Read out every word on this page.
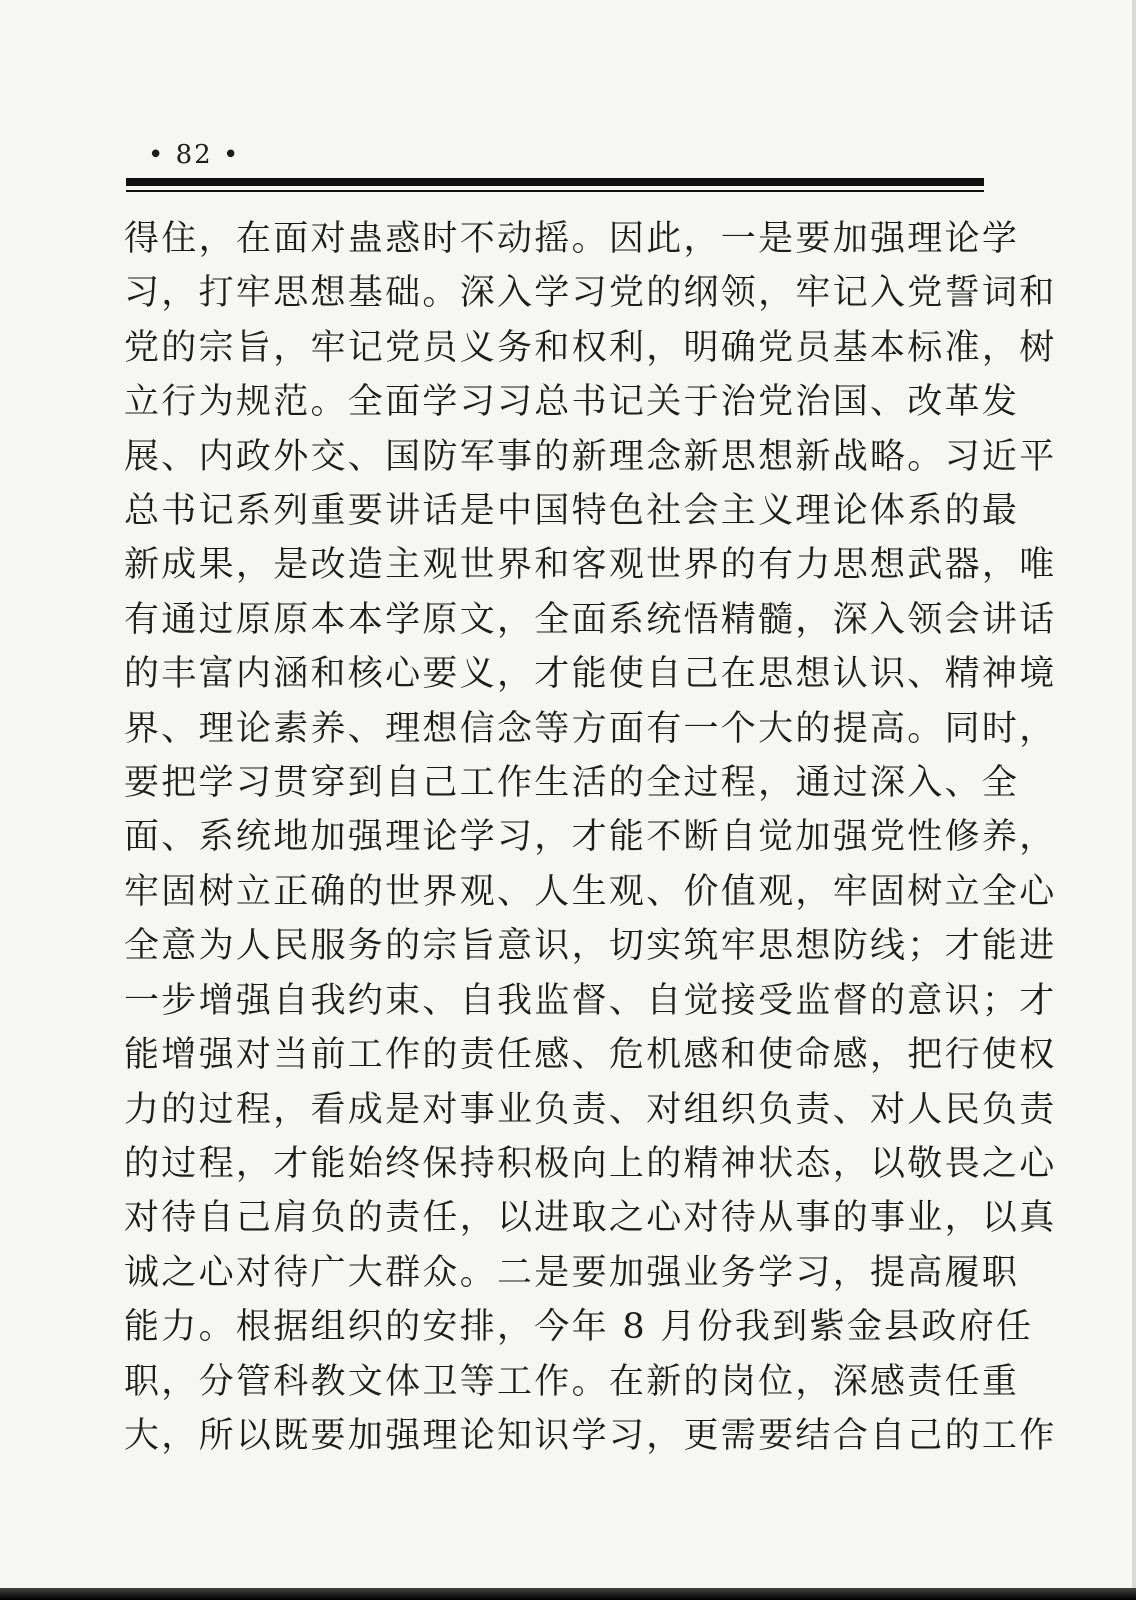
• 82 •
得住，在面对蛊惑时不动摇。因此，一是要加强理论学
习，打牢思想基础。深入学习党的纲领，牢记入党誓词和
党的宗旨，牢记党员义务和权利，明确党员基本标准，树
立行为规范。全面学习习总书记关于治党治国、改革发
展、内政外交、国防军事的新理念新思想新战略。习近平
总书记系列重要讲话是中国特色社会主义理论体系的最
新成果，是改造主观世界和客观世界的有力思想武器，唯
有通过原原本本学原文，全面系统悟精髓，深入领会讲话
的丰富内涵和核心要义，才能使自己在思想认识、精神境
界、理论素养、理想信念等方面有一个大的提高。同时，
要把学习贯穿到自己工作生活的全过程，通过深入、全
面、系统地加强理论学习，才能不断自觉加强党性修养，
牢固树立正确的世界观、人生观、价值观，牢固树立全心
全意为人民服务的宗旨意识，切实筑牢思想防线；才能进
一步增强自我约束、自我监督、自觉接受监督的意识；才
能增强对当前工作的责任感、危机感和使命感，把行使权
力的过程，看成是对事业负责、对组织负责、对人民负责
的过程，才能始终保持积极向上的精神状态，以敬畏之心
对待自己肩负的责任，以进取之心对待从事的事业，以真
诚之心对待广大群众。二是要加强业务学习，提高履职
能力。根据组织的安排，今年 8 月份我到紫金县政府任
职，分管科教文体卫等工作。在新的岗位，深感责任重
大，所以既要加强理论知识学习，更需要结合自己的工作
